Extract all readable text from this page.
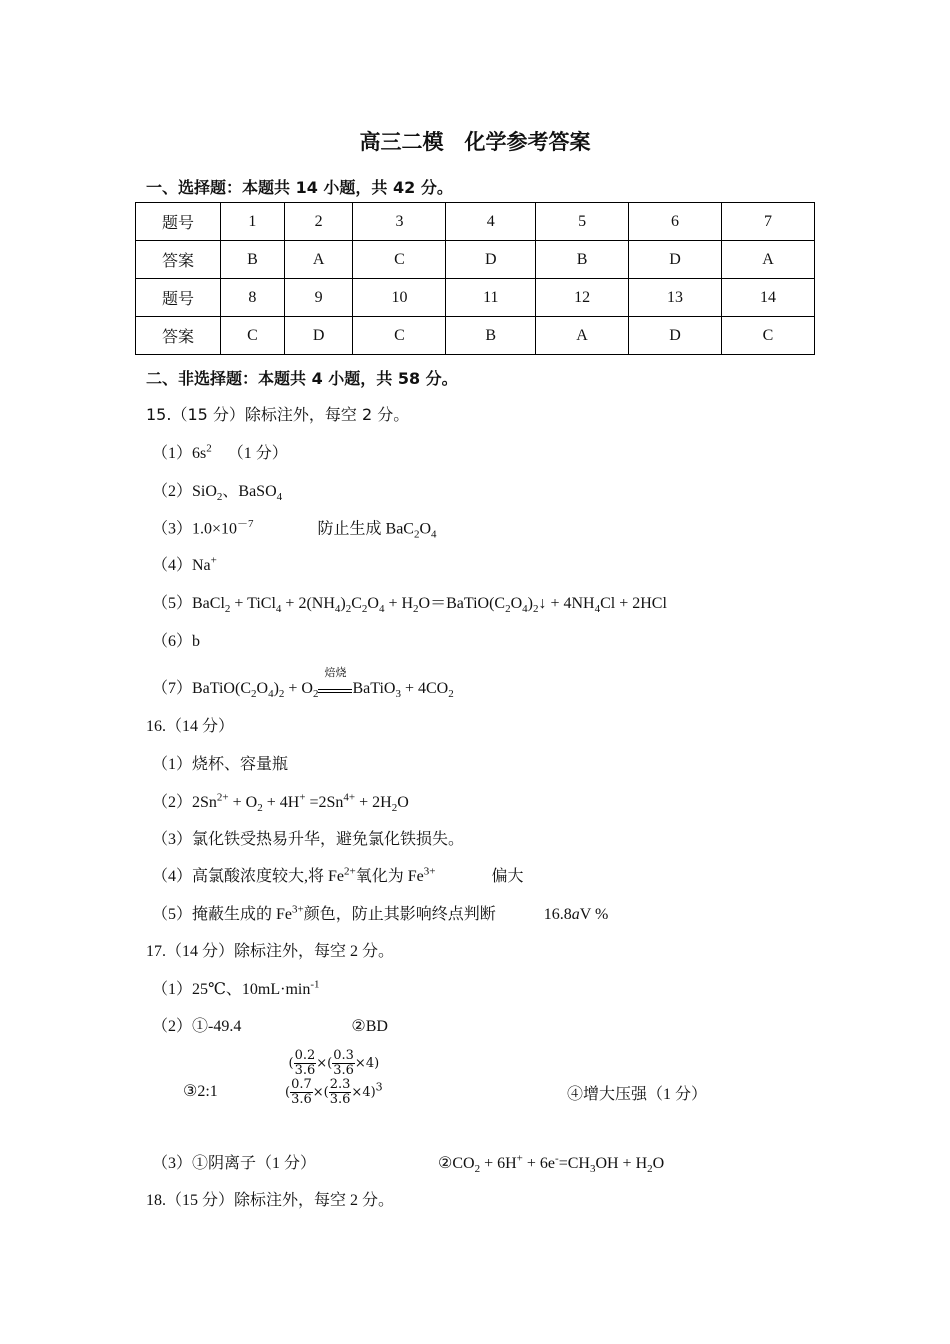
高三二模　化学参考答案
一、选择题：本题共 14 小题，共 42 分。
题号	1	2	3	4	5	6	7
答案	B	A	C	D	B	D	A
题号	8	9	10	11	12	13	14
答案	C	D	C	B	A	D	C
二、非选择题：本题共 4 小题，共 58 分。
15.（15 分）除标注外，每空 2 分。
$(1)6s^2$ （1 分）
（2）SiO$_2$、BaSO$_4$
$(3)1.0\times 10^{-7}$	防止生成 $BaC_2O_4$
（4）Na+
（5）BaCl$_2$ + TiCl$_4$ + $2(NH_4)_2C_2O_4$ + $H_2O=BaTiO(C_2O_4)_2↓ + 4NH_4Cl + 2HCl$
（6）b
$(7)BaTiO(C_2O_4)_2 + O_2$
焙烧
BaTiO$_3$ + $4CO_2$
16.（14 分）
（1）烧杯、容量瓶
$(2)2Sn^{2+} + O_2 + 4H^+ =2Sn^{4+} + 2H_2O$
（3）氯化铁受热易升华，避免氯化铁损失。
（4）高氯酸浓度较大,将 $Fe^{2+}$氧化为 $Fe^{3+}$	偏大
（5）掩蔽生成的 $Fe^{3+}$颜色，防止其影响终点判断	16.8aV %
17.（14 分）除标注外，每空 2 分。
（1）25℃、$10mL\cdot\min^{-1}$
（2）①-49.4	②BD
③2:1
( $\frac{0.2}{3.6}$ ×( $\frac{0.3}{3.6} \times 4$)
( $\frac{0.7}{3.6}$ ×( $\frac{2.3}{3.6} \times 4)^3$	④增大压强（1 分）
（3）①阴离子（1 分）	$②CO_2 + 6H^+ + 6e^-=CH_3OH + H_2O$
18.（15 分）除标注外，每空 2 分。
